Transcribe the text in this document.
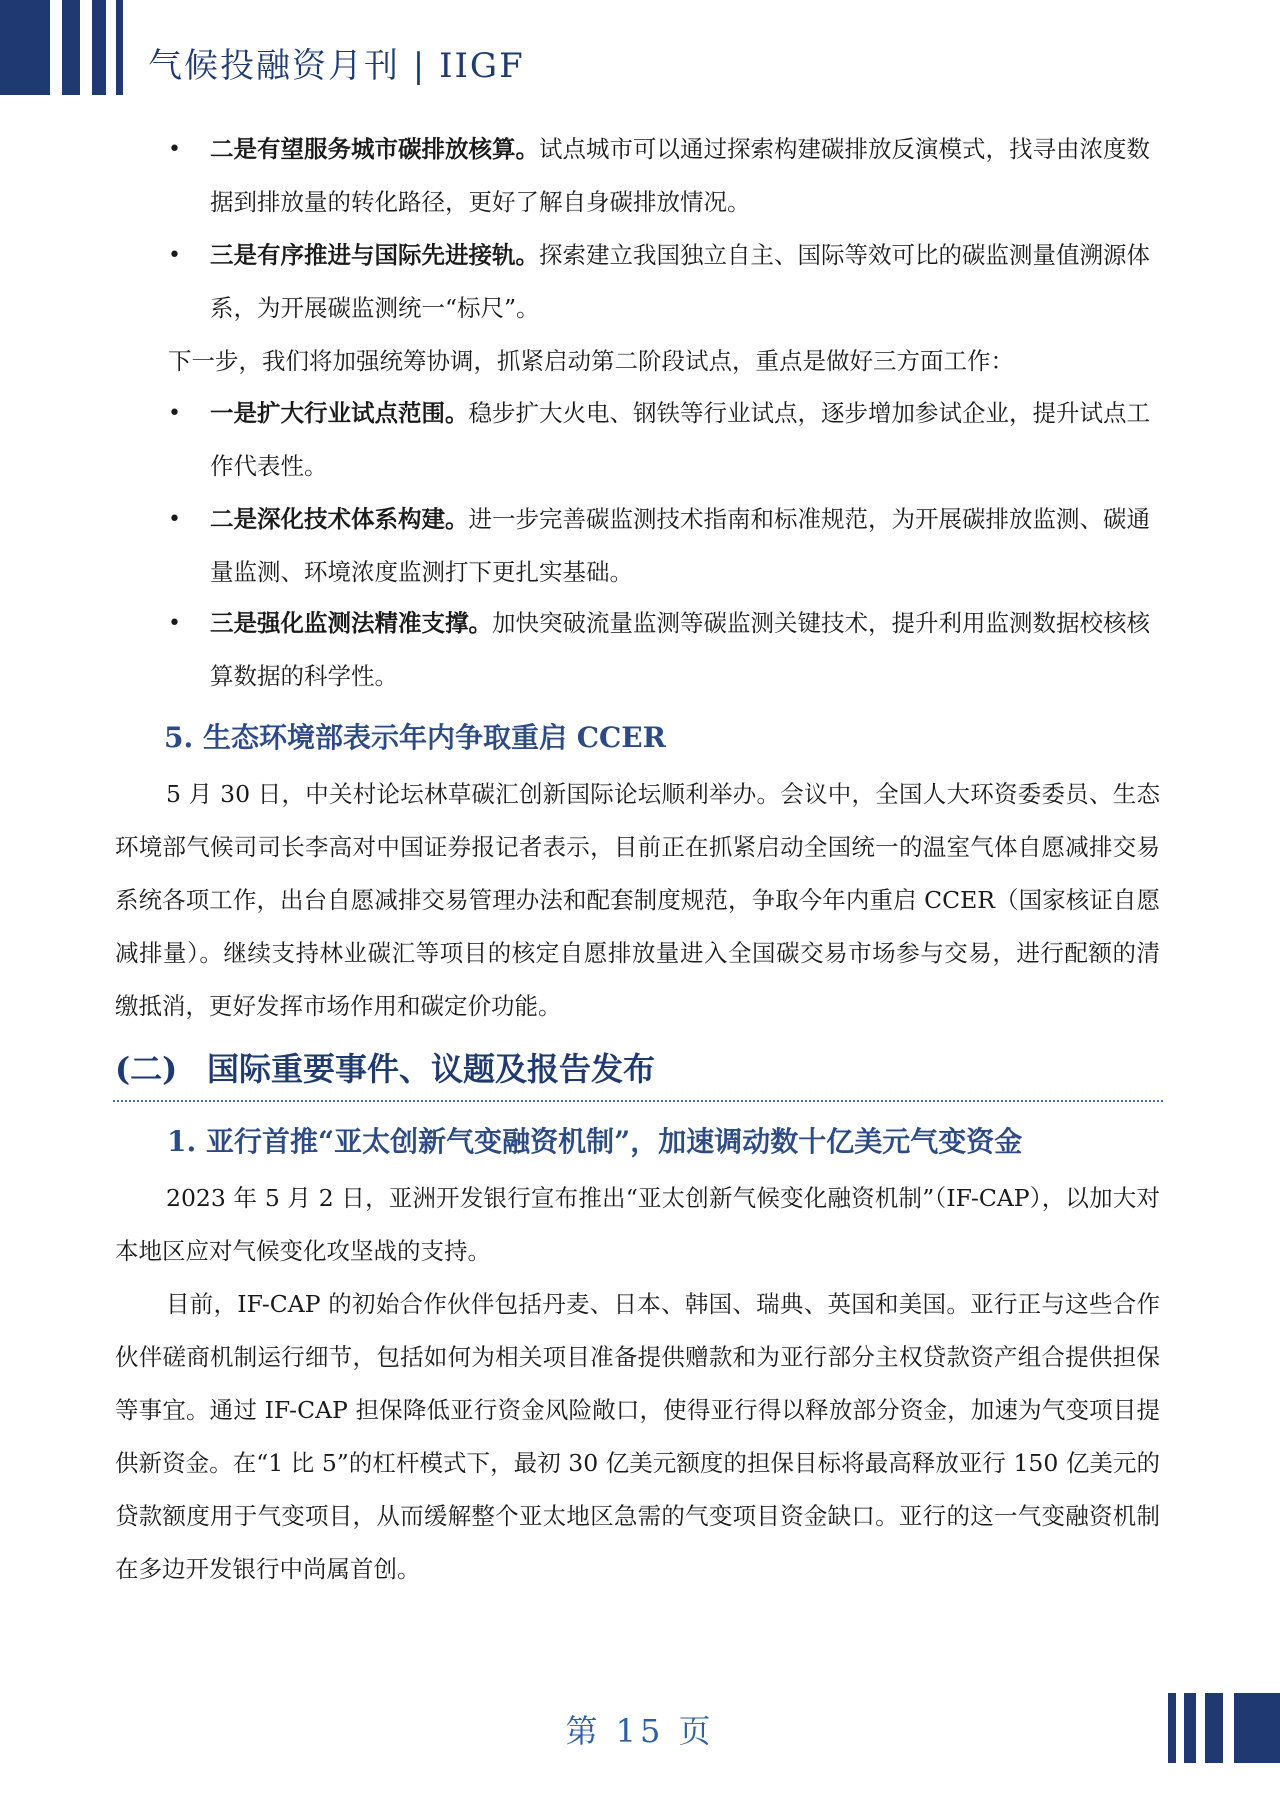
气候投融资月刊 | IIGF
• 二是有望服务城市碳排放核算。试点城市可以通过探索构建碳排放反演模式，找寻由浓度数据到排放量的转化路径，更好了解自身碳排放情况。
• 三是有序推进与国际先进接轨。探索建立我国独立自主、国际等效可比的碳监测量值溯源体系，为开展碳监测统一“标尺”。
下一步，我们将加强统筹协调，抓紧启动第二阶段试点，重点是做好三方面工作：
• 一是扩大行业试点范围。稳步扩大火电、钢铁等行业试点，逐步增加参试企业，提升试点工作代表性。
• 二是深化技术体系构建。进一步完善碳监测技术指南和标准规范，为开展碳排放监测、碳通量监测、环境浓度监测打下更扎实基础。
• 三是强化监测法精准支撑。加快突破流量监测等碳监测关键技术，提升利用监测数据校核核算数据的科学性。
5. 生态环境部表示年内争取重启 CCER
5 月 30 日，中关村论坛林草碳汇创新国际论坛顺利举办。会议中，全国人大环资委委员、生态环境部气候司司长李高对中国证券报记者表示，目前正在抓紧启动全国统一的温室气体自愿减排交易系统各项工作，出台自愿减排交易管理办法和配套制度规范，争取今年内重启 CCER（国家核证自愿减排量）。继续支持林业碳汇等项目的核定自愿排放量进入全国碳交易市场参与交易，进行配额的清缴抵消，更好发挥市场作用和碳定价功能。
(二) 国际重要事件、议题及报告发布
1. 亚行首推“亚太创新气变融资机制”，加速调动数十亿美元气变资金
2023 年 5 月 2 日，亚洲开发银行宣布推出“亚太创新气候变化融资机制”（IF-CAP），以加大对本地区应对气候变化攻坚战的支持。
目前，IF-CAP 的初始合作伙伴包括丹麦、日本、韩国、瑞典、英国和美国。亚行正与这些合作伙伴磋商机制运行细节，包括如何为相关项目准备提供赠款和为亚行部分主权贷款资产组合提供担保等事宜。通过 IF-CAP 担保降低亚行资金风险敞口，使得亚行得以释放部分资金，加速为气变项目提供新资金。在“1 比 5”的杠杆模式下，最初 30 亿美元额度的担保目标将最高释放亚行 150 亿美元的贷款额度用于气变项目，从而缓解整个亚太地区急需的气变项目资金缺口。亚行的这一气变融资机制在多边开发银行中尚属首创。
第 15 页
